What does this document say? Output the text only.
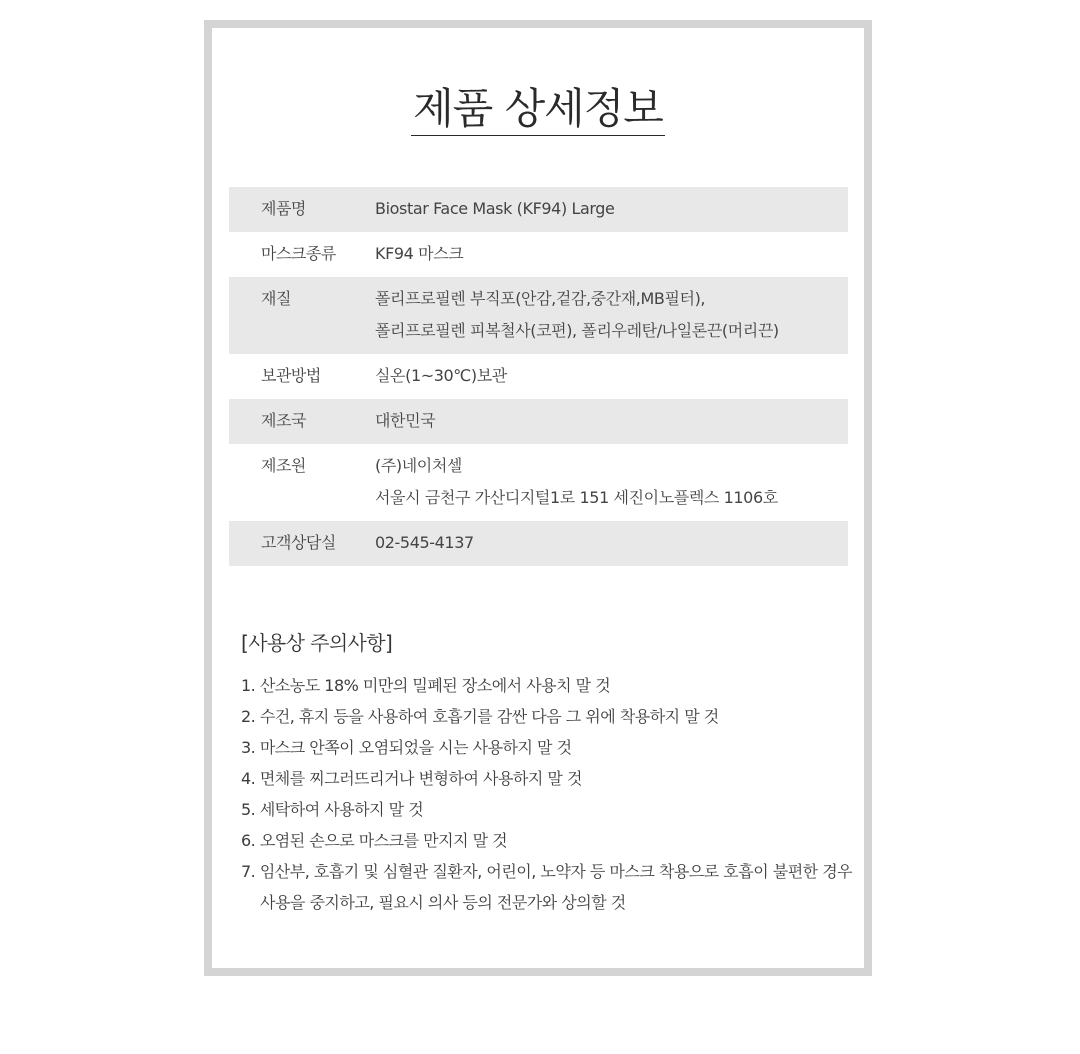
제품 상세정보
제품명	Biostar Face Mask (KF94) Large
마스크종류	KF94 마스크
재질	폴리프로필렌 부직포(안감,겉감,중간재,MB필터),
폴리프로필렌 피복철사(코편), 폴리우레탄/나일론끈(머리끈)
보관방법	실온(1~30℃)보관
제조국	대한민국
제조원	(주)네이처셀
서울시 금천구 가산디지털1로 151 세진이노플렉스 1106호
고객상담실	02-545-4137
[사용상 주의사항]
1. 산소농도 18% 미만의 밀폐된 장소에서 사용치 말 것
2. 수건, 휴지 등을 사용하여 호흡기를 감싼 다음 그 위에 착용하지 말 것
3. 마스크 안쪽이 오염되었을 시는 사용하지 말 것
4. 면체를 찌그러뜨리거나 변형하여 사용하지 말 것
5. 세탁하여 사용하지 말 것
6. 오염된 손으로 마스크를 만지지 말 것
7. 임산부, 호흡기 및 심혈관 질환자, 어린이, 노약자 등 마스크 착용으로 호흡이 불편한 경우
사용을 중지하고, 필요시 의사 등의 전문가와 상의할 것
